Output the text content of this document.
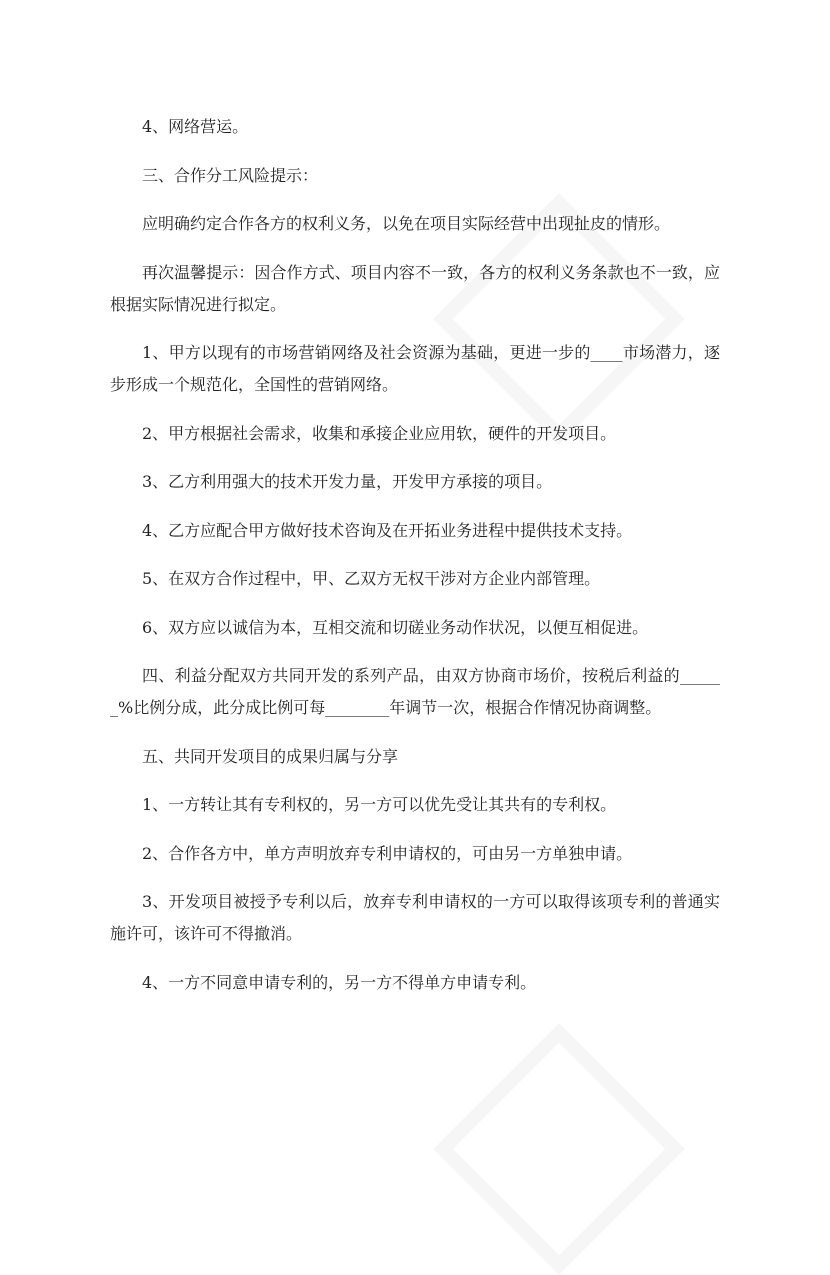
4、网络营运。

三、合作分工风险提示：

应明确约定合作各方的权利义务，以免在项目实际经营中出现扯皮的情形。

再次温馨提示：因合作方式、项目内容不一致，各方的权利义务条款也不一致，应根据实际情况进行拟定。

1、甲方以现有的市场营销网络及社会资源为基础，更进一步的____市场潜力，逐步形成一个规范化，全国性的营销网络。

2、甲方根据社会需求，收集和承接企业应用软，硬件的开发项目。

3、乙方利用强大的技术开发力量，开发甲方承接的项目。

4、乙方应配合甲方做好技术咨询及在开拓业务进程中提供技术支持。

5、在双方合作过程中，甲、乙双方无权干涉对方企业内部管理。

6、双方应以诚信为本，互相交流和切磋业务动作状况，以便互相促进。

四、利益分配双方共同开发的系列产品，由双方协商市场价，按税后利益的______%比例分成，此分成比例可每________年调节一次，根据合作情况协商调整。

五、共同开发项目的成果归属与分享

1、一方转让其有专利权的，另一方可以优先受让其共有的专利权。

2、合作各方中，单方声明放弃专利申请权的，可由另一方单独申请。

3、开发项目被授予专利以后，放弃专利申请权的一方可以取得该项专利的普通实施许可，该许可不得撤消。

4、一方不同意申请专利的，另一方不得单方申请专利。
